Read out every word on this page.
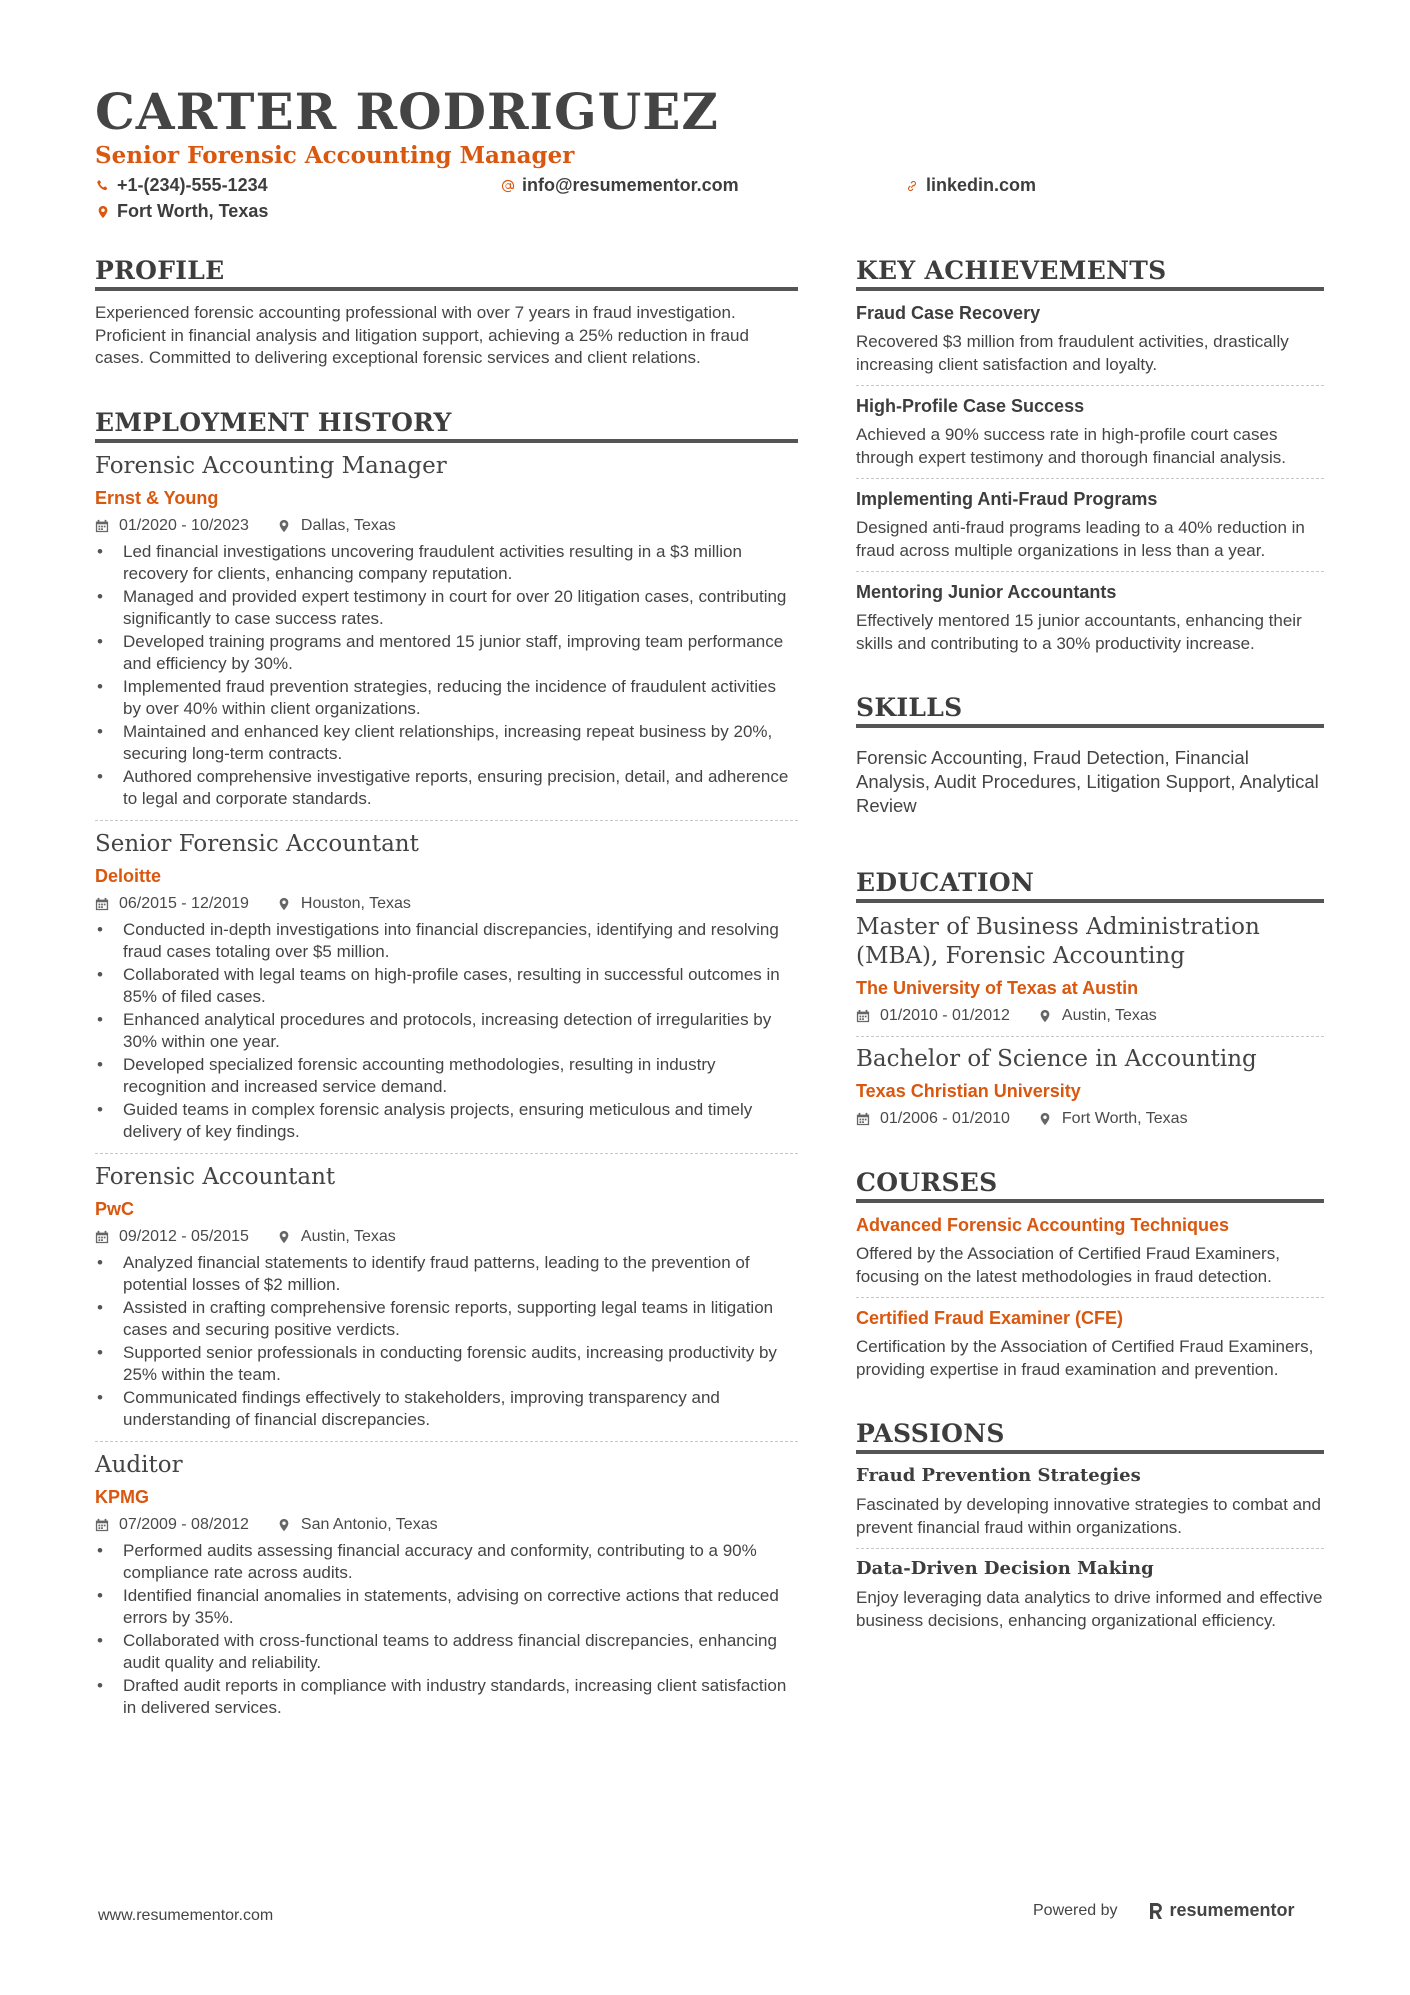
CARTER RODRIGUEZ
Senior Forensic Accounting Manager
+1-(234)-555-1234	info@resumementor.com	linkedin.com
Fort Worth, Texas
PROFILE

Experienced forensic accounting professional with over 7 years in fraud investigation. Proficient in financial analysis and litigation support, achieving a 25% reduction in fraud cases. Committed to delivering exceptional forensic services and client relations.

EMPLOYMENT HISTORY
Forensic Accounting Manager
Ernst & Young
01/2020 - 10/2023	Dallas, Texas
• Led financial investigations uncovering fraudulent activities resulting in a $3 million recovery for clients, enhancing company reputation.
• Managed and provided expert testimony in court for over 20 litigation cases, contributing significantly to case success rates.
• Developed training programs and mentored 15 junior staff, improving team performance and efficiency by 30%.
• Implemented fraud prevention strategies, reducing the incidence of fraudulent activities by over 40% within client organizations.
• Maintained and enhanced key client relationships, increasing repeat business by 20%, securing long-term contracts.
• Authored comprehensive investigative reports, ensuring precision, detail, and adherence to legal and corporate standards.
Senior Forensic Accountant
Deloitte
06/2015 - 12/2019	Houston, Texas
• Conducted in-depth investigations into financial discrepancies, identifying and resolving fraud cases totaling over $5 million.
• Collaborated with legal teams on high-profile cases, resulting in successful outcomes in 85% of filed cases.
• Enhanced analytical procedures and protocols, increasing detection of irregularities by 30% within one year.
• Developed specialized forensic accounting methodologies, resulting in industry recognition and increased service demand.
• Guided teams in complex forensic analysis projects, ensuring meticulous and timely delivery of key findings.
Forensic Accountant
PwC
09/2012 - 05/2015	Austin, Texas
• Analyzed financial statements to identify fraud patterns, leading to the prevention of potential losses of $2 million.
• Assisted in crafting comprehensive forensic reports, supporting legal teams in litigation cases and securing positive verdicts.
• Supported senior professionals in conducting forensic audits, increasing productivity by 25% within the team.
• Communicated findings effectively to stakeholders, improving transparency and understanding of financial discrepancies.
Auditor
KPMG
07/2009 - 08/2012	San Antonio, Texas
• Performed audits assessing financial accuracy and conformity, contributing to a 90% compliance rate across audits.
• Identified financial anomalies in statements, advising on corrective actions that reduced errors by 35%.
• Collaborated with cross-functional teams to address financial discrepancies, enhancing audit quality and reliability.
• Drafted audit reports in compliance with industry standards, increasing client satisfaction in delivered services.
KEY ACHIEVEMENTS
Fraud Case Recovery

Recovered $3 million from fraudulent activities, drastically increasing client satisfaction and loyalty.

High-Profile Case Success

Achieved a 90% success rate in high-profile court cases through expert testimony and thorough financial analysis.

Implementing Anti-Fraud Programs

Designed anti-fraud programs leading to a 40% reduction in fraud across multiple organizations in less than a year.

Mentoring Junior Accountants

Effectively mentored 15 junior accountants, enhancing their skills and contributing to a 30% productivity increase.

SKILLS

Forensic Accounting, Fraud Detection, Financial Analysis, Audit Procedures, Litigation Support, Analytical Review

EDUCATION
Master of Business Administration (MBA), Forensic Accounting
The University of Texas at Austin
01/2010 - 01/2012	Austin, Texas
Bachelor of Science in Accounting
Texas Christian University
01/2006 - 01/2010	Fort Worth, Texas
COURSES
Advanced Forensic Accounting Techniques

Offered by the Association of Certified Fraud Examiners, focusing on the latest methodologies in fraud detection.

Certified Fraud Examiner (CFE)

Certification by the Association of Certified Fraud Examiners, providing expertise in fraud examination and prevention.

PASSIONS
Fraud Prevention Strategies

Fascinated by developing innovative strategies to combat and prevent financial fraud within organizations.

Data-Driven Decision Making

Enjoy leveraging data analytics to drive informed and effective business decisions, enhancing organizational efficiency.

www.resumementor.com	Powered by	resumementor
